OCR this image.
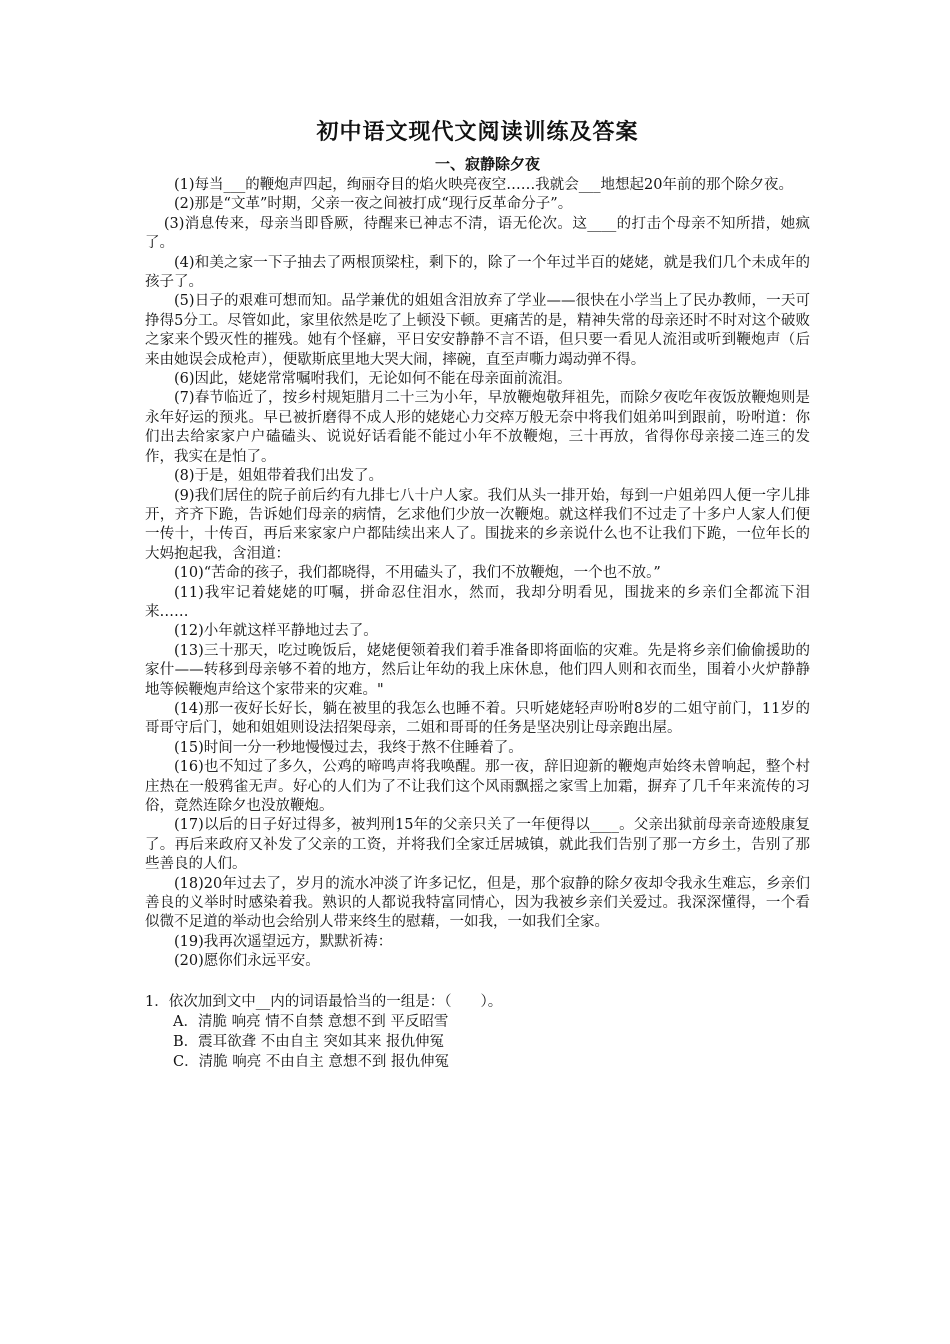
初中语文现代文阅读训练及答案
一、寂静除夕夜

(1)每当___的鞭炮声四起，绚丽夺目的焰火映亮夜空……我就会___地想起20年前的那个除夕夜。

(2)那是“文革”时期，父亲一夜之间被打成“现行反革命分子”。

(3)消息传来，母亲当即昏厥，待醒来已神志不清，语无伦次。这____的打击个母亲不知所措，她疯了。

(4)和美之家一下子抽去了两根顶梁柱，剩下的，除了一个年过半百的姥姥，就是我们几个未成年的孩子了。

(5)日子的艰难可想而知。品学兼优的姐姐含泪放弃了学业——很快在小学当上了民办教师，一天可挣得5分工。尽管如此，家里依然是吃了上顿没下顿。更痛苦的是，精神失常的母亲还时不时对这个破败之家来个毁灭性的摧残。她有个怪癖，平日安安静静不言不语，但只要一看见人流泪或听到鞭炮声（后来由她误会成枪声），便歇斯底里地大哭大闹，摔碗，直至声嘶力竭动弹不得。

(6)因此，姥姥常常嘱咐我们，无论如何不能在母亲面前流泪。

(7)春节临近了，按乡村规矩腊月二十三为小年，早放鞭炮敬拜祖先，而除夕夜吃年夜饭放鞭炮则是永年好运的预兆。早已被折磨得不成人形的姥姥心力交瘁万般无奈中将我们姐弟叫到跟前，吩咐道：你们出去给家家户户磕磕头、说说好话看能不能过小年不放鞭炮，三十再放，省得你母亲接二连三的发作，我实在是怕了。

(8)于是，姐姐带着我们出发了。

(9)我们居住的院子前后约有九排七八十户人家。我们从头一排开始，每到一户姐弟四人便一字儿排开，齐齐下跪，告诉她们母亲的病情，乞求他们少放一次鞭炮。就这样我们不过走了十多户人家人们便一传十，十传百，再后来家家户户都陆续出来人了。围拢来的乡亲说什么也不让我们下跪，一位年长的大妈抱起我，含泪道：

(10)“苦命的孩子，我们都晓得，不用磕头了，我们不放鞭炮，一个也不放。”

(11)我牢记着姥姥的叮嘱，拼命忍住泪水，然而，我却分明看见，围拢来的乡亲们全都流下泪来……

(12)小年就这样平静地过去了。

(13)三十那天，吃过晚饭后，姥姥便领着我们着手准备即将面临的灾难。先是将乡亲们偷偷援助的家什——转移到母亲够不着的地方，然后让年幼的我上床休息，他们四人则和衣而坐，围着小火炉静静地等候鞭炮声给这个家带来的灾难。"

(14)那一夜好长好长，躺在被里的我怎么也睡不着。只听姥姥轻声吩咐8岁的二姐守前门，11岁的哥哥守后门，她和姐姐则设法招架母亲，二姐和哥哥的任务是坚决别让母亲跑出屋。

(15)时间一分一秒地慢慢过去，我终于熬不住睡着了。

(16)也不知过了多久，公鸡的啼鸣声将我唤醒。那一夜，辞旧迎新的鞭炮声始终未曾响起，整个村庄热在一般鸦雀无声。好心的人们为了不让我们这个风雨飘摇之家雪上加霜，摒弃了几千年来流传的习俗，竟然连除夕也没放鞭炮。

(17)以后的日子好过得多，被判刑15年的父亲只关了一年便得以____。父亲出狱前母亲奇迹般康复了。再后来政府又补发了父亲的工资，并将我们全家迁居城镇，就此我们告别了那一方乡土，告别了那些善良的人们。

(18)20年过去了，岁月的流水冲淡了许多记忆，但是，那个寂静的除夕夜却令我永生难忘，乡亲们善良的义举时时感染着我。熟识的人都说我特富同情心，因为我被乡亲们关爱过。我深深懂得，一个看似微不足道的举动也会给别人带来终生的慰藉，一如我，一如我们全家。

(19)我再次遥望远方，默默祈祷：

(20)愿你们永远平安。

1．依次加到文中__内的词语最恰当的一组是：（　　）。

A．清脆 响亮 情不自禁 意想不到 平反昭雪

B．震耳欲聋 不由自主 突如其来 报仇伸冤

C．清脆 响亮 不由自主 意想不到 报仇伸冤
